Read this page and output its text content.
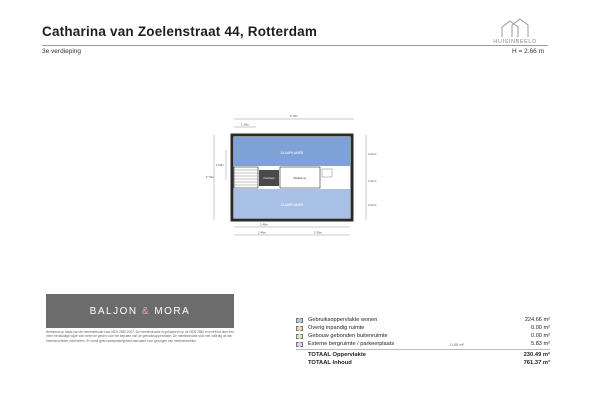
Catharina van Zoelenstraat 44, Rotterdam
3e verdieping	H = 2.66 m
HUISINBEELD
5.79m
1.18m
5.70m
1.50m
2.02m
1.60m
2.02m
SLAAPKAMER
SLAAPKAMER
Overloop	Badkamer
2.46m
2.46m	3.30m
BALJON
&
MORA
Berekend op basis van de meetmethode voor NEN 2580:2007. De meetinstructie is gebaseerd op de NEN 2580 en heeft tot doel een meer eenduidige wijze van meten te geven voor het bepalen van de gebruiksoppervlakte. De meetinstructie sluit niet volledig uit dat meetverschillen voorkomen. Er wordt geen aansprakelijkheid aanvaard voor gevolgen van meetverschillen.
Gebruiksoppervlakte wonen	224.66 m²
Overig inpandig ruimte	0.00 m²
Gebouw gebonden buitenruimte	0.00 m²
Externe bergruimte / parkeerplaats	- 0.00 m²	5.83 m²
TOTAAL Oppervlakte	230.49 m²
TOTAAL Inhoud	761.37 m³
